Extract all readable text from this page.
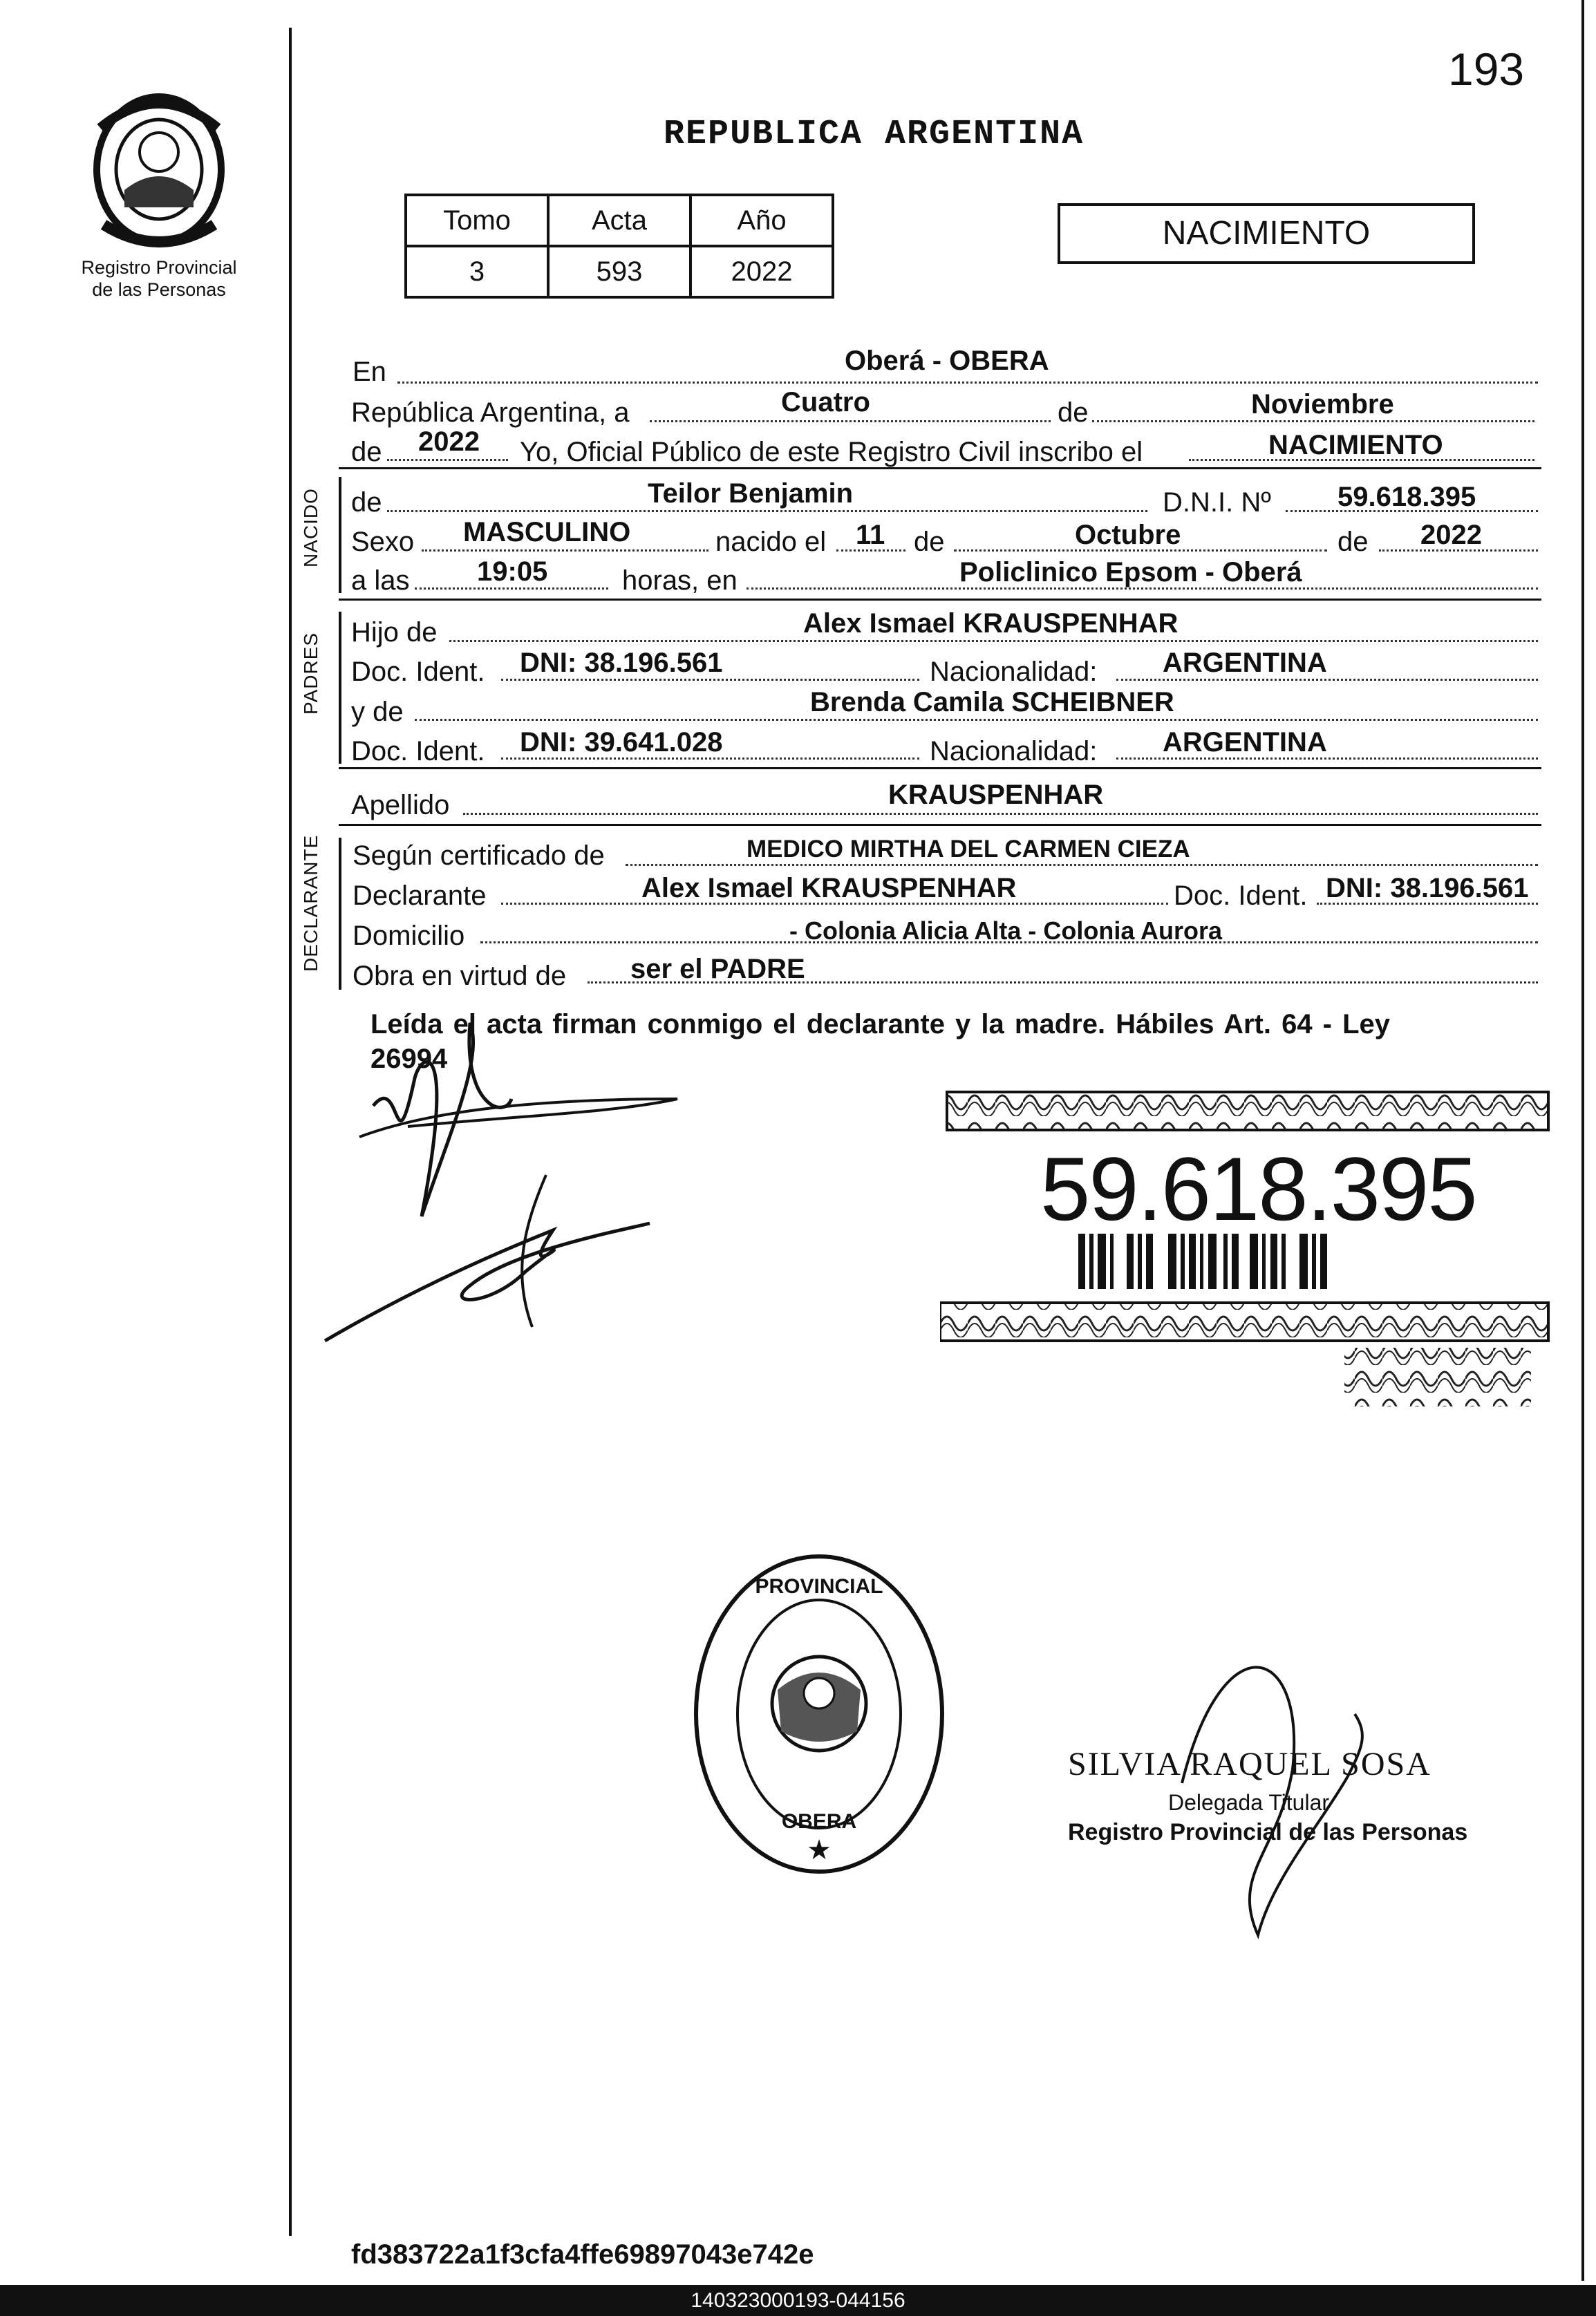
193
Registro Provincial
de las Personas
REPUBLICA ARGENTINA
Tomo	Acta	Año
3	593	2022
NACIMIENTO
En	Oberá - OBERA
República Argentina, a	Cuatro	de	Noviembre
de 2022 Yo, Oficial Público de este Registro Civil inscribo el	NACIMIENTO
NACIDO de	Teilor Benjamin	D.N.I. Nº 59.618.395
Sexo MASCULINO	nacido el 11 de	Octubre	de 2022
a las 19:05	horas, en	Policlinico Epsom - Oberá
PADRES Hijo de	Alex Ismael KRAUSPENHAR
Doc. Ident. DNI: 38.196.561	Nacionalidad: ARGENTINA
y de	Brenda Camila SCHEIBNER
Doc. Ident. DNI: 39.641.028	Nacionalidad: ARGENTINA
Apellido	KRAUSPENHAR
DECLARANTE Según certificado de	MEDICO MIRTHA DEL CARMEN CIEZA
Declarante	Alex Ismael KRAUSPENHAR	Doc. Ident. DNI: 38.196.561
Domicilio	- Colonia Alicia Alta - Colonia Aurora
Obra en virtud de ser el PADRE
Leída el acta firman conmigo el declarante y la madre. Hábiles Art. 64 - Ley
26994
59.618.395
PROVINCIAL
OBERA
★
SILVIA RAQUEL SOSA
Delegada Titular
Registro Provincial de las Personas
fd383722a1f3cfa4ffe69897043e742e
140323000193-044156
